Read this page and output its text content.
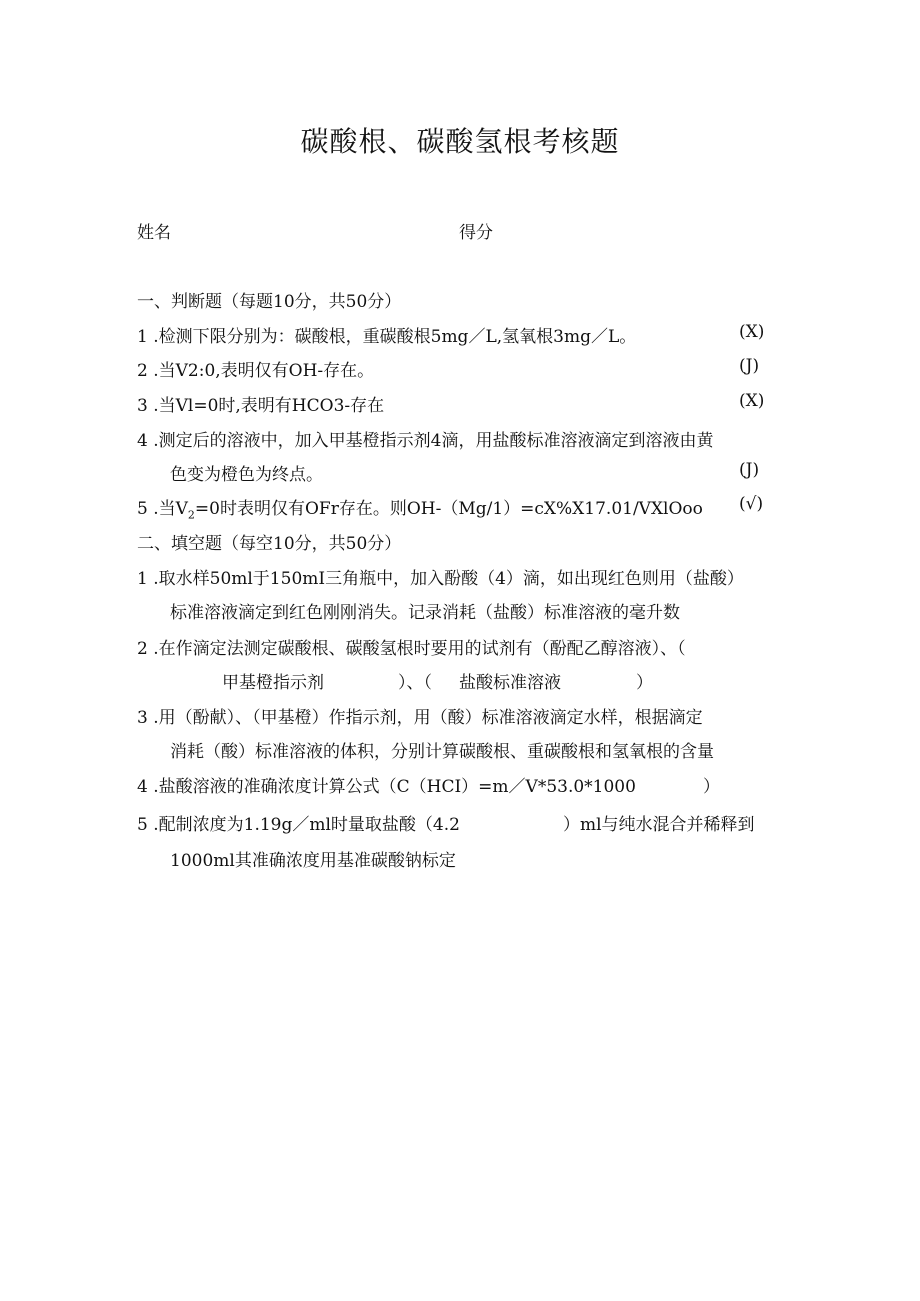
碳酸根、碳酸氢根考核题
姓名	得分
一、判断题（每题10分，共50分）
1 .检测下限分别为：碳酸根，重碳酸根5mg／L,氢氧根3mg／L。	(X)
2 .当V2:0,表明仅有OH-存在。	(J)
3 .当Vl=0时,表明有HCO3-存在	(X)
4 .测定后的溶液中，加入甲基橙指示剂4滴，用盐酸标准溶液滴定到溶液由黄
色变为橙色为终点。	(J)
5 .当$V_2=0$时表明仅有OFr存在。则OH-（Mg/1）=cX%X17.01/VXlOoo (√)
二、填空题（每空10分，共50分）
1 .取水样50ml于150mI三角瓶中，加入酚酸（4）滴，如出现红色则用（盐酸）
标准溶液滴定到红色刚刚消失。记录消耗（盐酸）标准溶液的毫升数
2 .在作滴定法测定碳酸根、碳酸氢根时要用的试剂有（酚配乙醇溶液）、（
甲基橙指示剂	）、（ 盐酸标准溶液	）
3 .用（酚献）、（甲基橙）作指示剂，用（酸）标准溶液滴定水样，根据滴定
消耗（酸）标准溶液的体积，分别计算碳酸根、重碳酸根和氢氧根的含量
4 .盐酸溶液的准确浓度计算公式（C（HCI）=m／V*53.0*1000	）
5 .配制浓度为1.19g／ml时量取盐酸（4.2	）ml与纯水混合并稀释到
1000ml其准确浓度用基准碳酸钠标定
